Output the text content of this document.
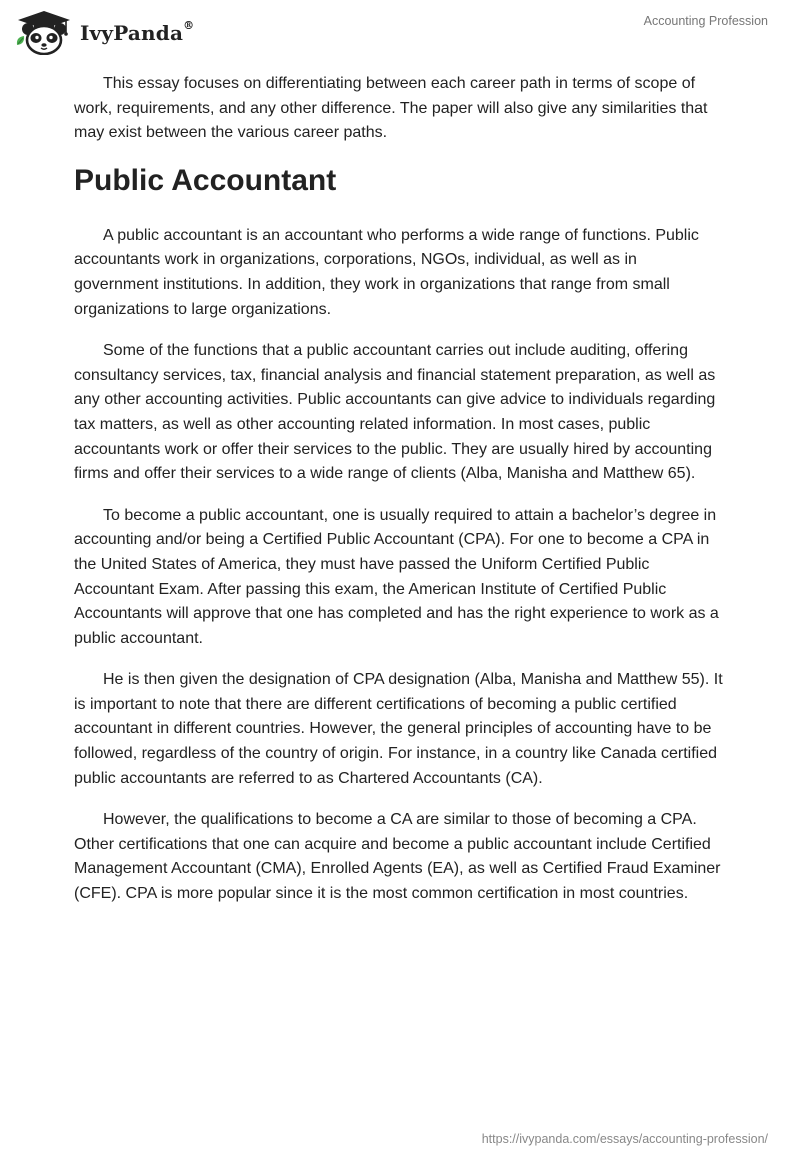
IvyPanda®	Accounting Profession

This essay focuses on differentiating between each career path in terms of scope of work, requirements, and any other difference. The paper will also give any similarities that may exist between the various career paths.

Public Accountant

A public accountant is an accountant who performs a wide range of functions. Public accountants work in organizations, corporations, NGOs, individual, as well as in government institutions. In addition, they work in organizations that range from small organizations to large organizations.

Some of the functions that a public accountant carries out include auditing, offering consultancy services, tax, financial analysis and financial statement preparation, as well as any other accounting activities. Public accountants can give advice to individuals regarding tax matters, as well as other accounting related information. In most cases, public accountants work or offer their services to the public. They are usually hired by accounting firms and offer their services to a wide range of clients (Alba, Manisha and Matthew 65).

To become a public accountant, one is usually required to attain a bachelor’s degree in accounting and/or being a Certified Public Accountant (CPA). For one to become a CPA in the United States of America, they must have passed the Uniform Certified Public Accountant Exam. After passing this exam, the American Institute of Certified Public Accountants will approve that one has completed and has the right experience to work as a public accountant.

He is then given the designation of CPA designation (Alba, Manisha and Matthew 55). It is important to note that there are different certifications of becoming a public certified accountant in different countries. However, the general principles of accounting have to be followed, regardless of the country of origin. For instance, in a country like Canada certified public accountants are referred to as Chartered Accountants (CA).

However, the qualifications to become a CA are similar to those of becoming a CPA. Other certifications that one can acquire and become a public accountant include Certified Management Accountant (CMA), Enrolled Agents (EA), as well as Certified Fraud Examiner (CFE). CPA is more popular since it is the most common certification in most countries.

https://ivypanda.com/essays/accounting-profession/
